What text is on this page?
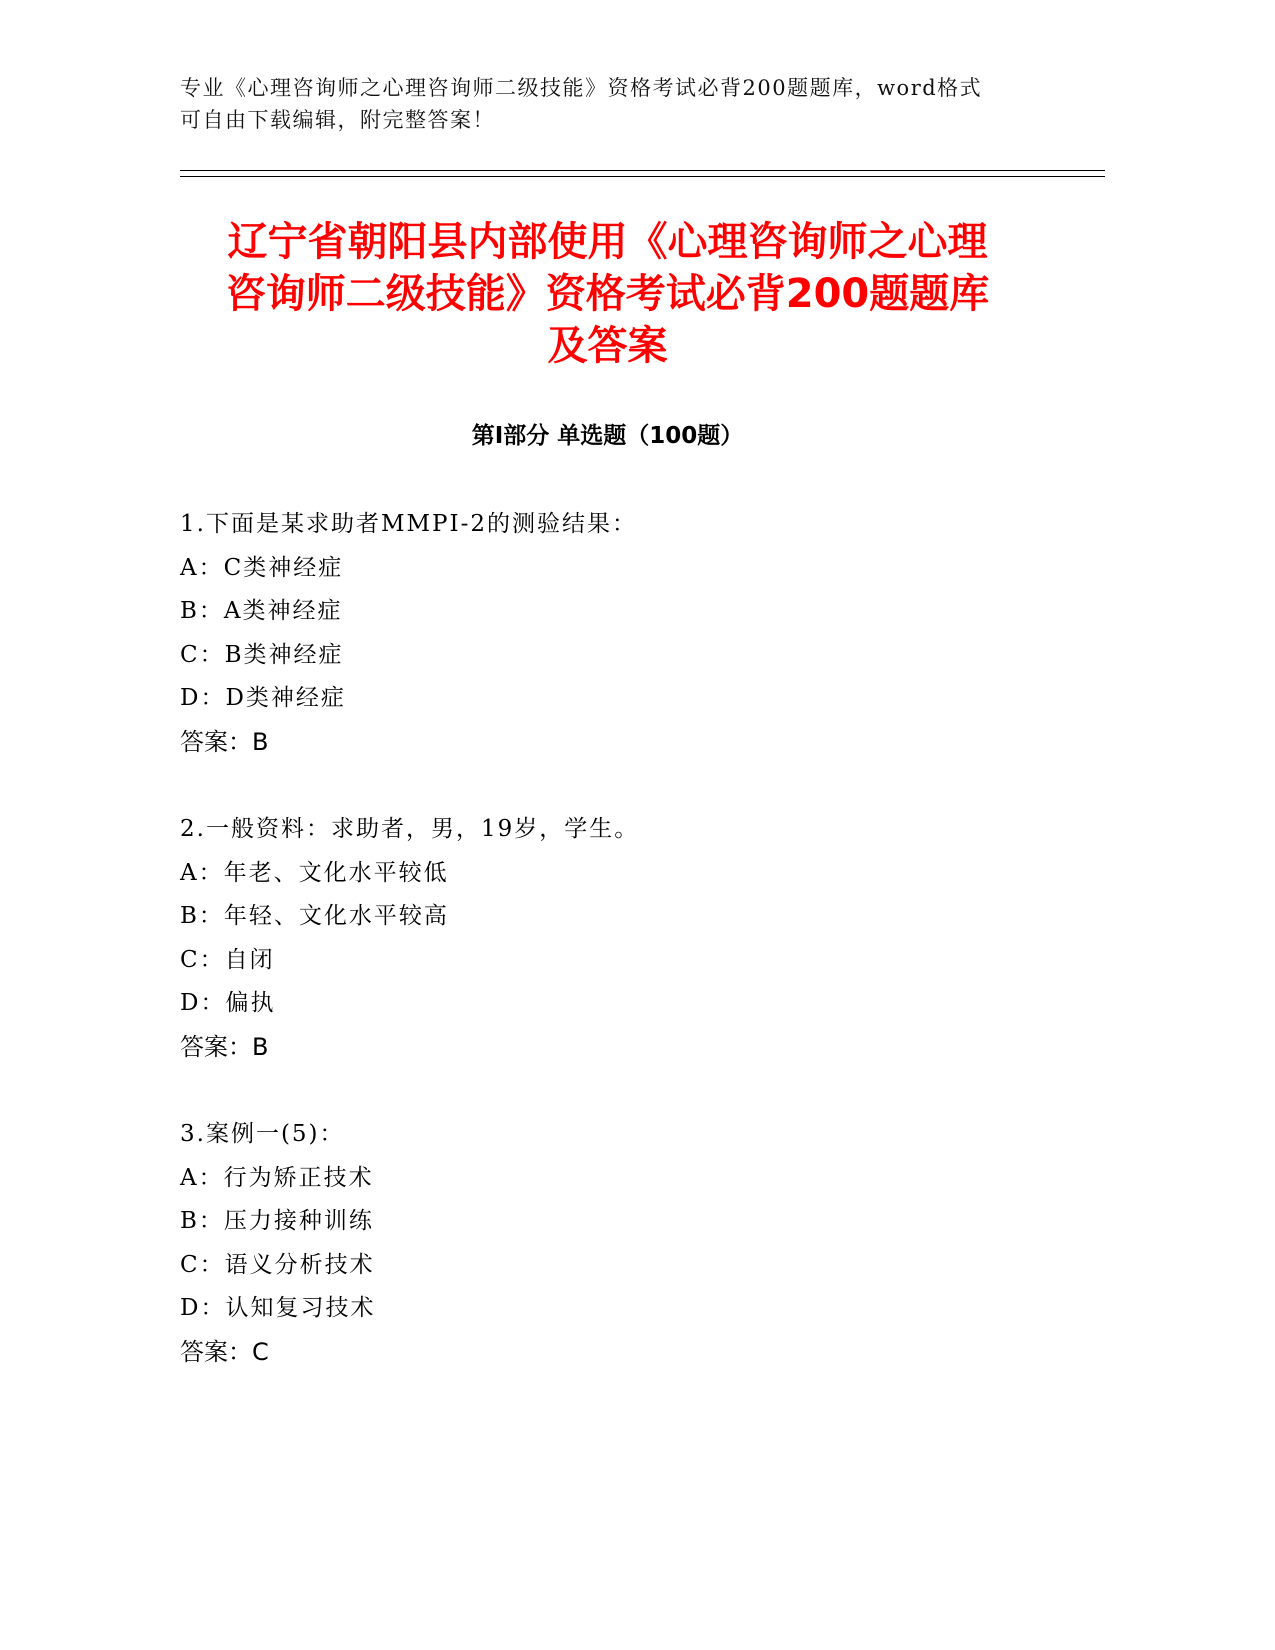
专业《心理咨询师之心理咨询师二级技能》资格考试必背200题题库，word格式
可自由下载编辑，附完整答案！
辽宁省朝阳县内部使用《心理咨询师之心理
咨询师二级技能》资格考试必背200题题库
及答案
第Ⅰ部分 单选题（100题）
1.下面是某求助者MMPI-2的测验结果：
A：C类神经症
B：A类神经症
C：B类神经症
D：D类神经症
答案：B
2.一般资料：求助者，男，19岁，学生。
A：年老、文化水平较低
B：年轻、文化水平较高
C：自闭
D：偏执
答案：B
3.案例一(5)：
A：行为矫正技术
B：压力接种训练
C：语义分析技术
D：认知复习技术
答案：C
